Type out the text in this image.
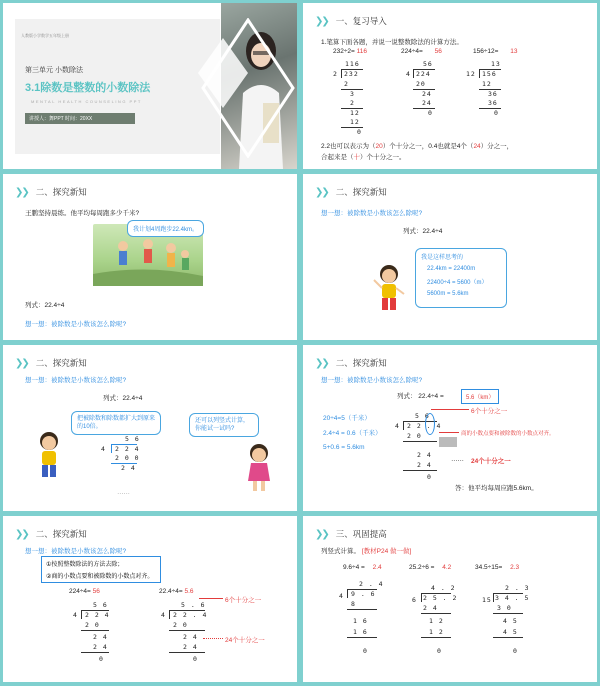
人教版小学数学五年级上册
第三单元 小数除法
3.1除数是整数的小数除法
MENTAL HEALTH COUNSELING PPT
讲授人：舞PPT 时间：20XX
❯❯ 一、复习导入
1.笔算下面各题，并说一说整数除法的计算方法。
232÷2= 116	224÷4= 56	156÷12= 13
116
2 232
2
3
2
12
12
0
56
4 224
20
24
24
0
13
12 156
12
36
36
0
2.2也可以表示为（20）个十分之一，0.4也就是4个（24）分之一，
合起来是（十）个十分之一。
❯❯ 二、探究新知
王鹏坚持晨练。他平均每周跑多少千米?
我计划4周跑步22.4km。
列式：22.4÷4
想一想：被除数是小数该怎么除呢?
❯❯ 二、探究新知
想一想：被除数是小数该怎么除呢?
列式：22.4÷4
我是这样思考的
22.4km = 22400m
22400÷4 = 5600（m）
5600m = 5.6km
❯❯ 二、探究新知
想一想：被除数是小数该怎么除呢?
列式：22.4÷4
把被除数和除数都扩大到原来的10倍。
还可以列竖式计算，你能试一试吗?
5 6
4 2 2 4
2 0 0
2 4
……
❯❯ 二、探究新知
想一想：被除数是小数该怎么除呢?
列式： 22.4÷4 =	5.6（km）
6个十分之一
20÷4=5（千米）
2.4÷4 = 0.6（千米）
5+0.6 = 5.6km
5 6
4 2 2 . 4
2 0
2 4
2 4
0
商的小数点要和被除数的小数点对齐。
…… 24个十分之一
答：他平均每周应跑5.6km。
❯❯ 二、探究新知
想一想：被除数是小数该怎么除呢?
①按照整数除法的方法去除；
②商的小数点要和被除数的小数点对齐。
224÷4= 56	22.4÷4= 5.6
5 6
4 2 2 4
2 0
2 4
2 4
0
5 . 6
4 2 2 . 4
2 0
2 4
2 4
0
6个十分之一
24个十分之一
❯❯ 三、巩固提高
列竖式计算。 [教材P24 做一做]
9.6÷4 = 2.4	25.2÷6 = 4.2	34.5÷15= 2.3
2 . 4
4 9 . 6
8
1 6
1 6
0
4 . 2
6 2 5 . 2
2 4
1 2
1 2
0
2 . 3
15 3 4 . 5
3 0
4 5
4 5
0
